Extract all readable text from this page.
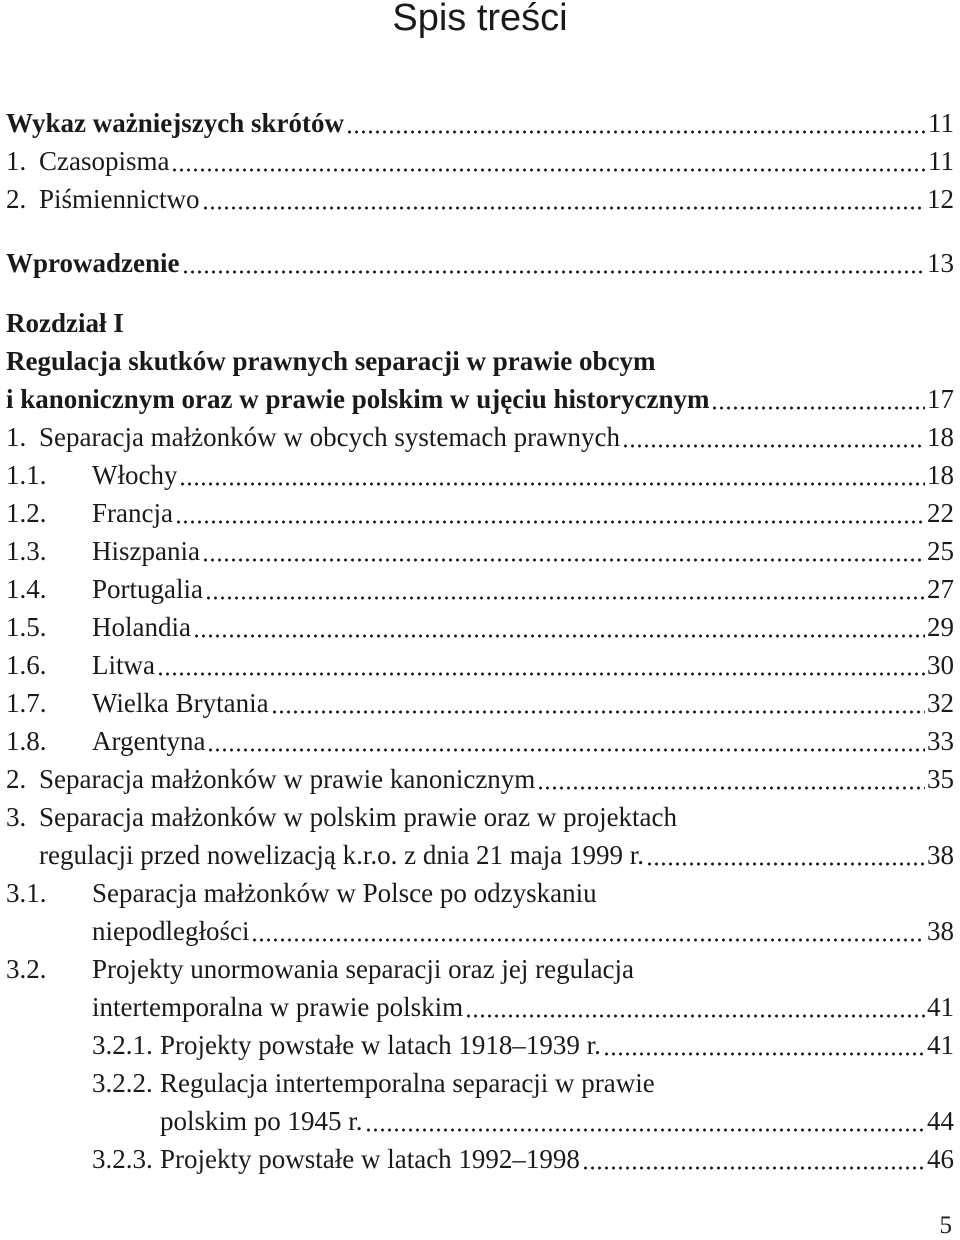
Spis treści
Wykaz ważniejszych skrótów	11
1. Czasopisma	11
2. Piśmiennictwo	12
Wprowadzenie	13
Rozdział I
Regulacja skutków prawnych separacji w prawie obcym
i kanonicznym oraz w prawie polskim w ujęciu historycznym	17
1. Separacja małżonków w obcych systemach prawnych	18
1.1.	Włochy	18
1.2.	Francja	22
1.3.	Hiszpania	25
1.4.	Portugalia	27
1.5.	Holandia	29
1.6.	Litwa	30
1.7.	Wielka Brytania	32
1.8.	Argentyna	33
2. Separacja małżonków w prawie kanonicznym	35
3. Separacja małżonków w polskim prawie oraz w projektach
regulacji przed nowelizacją k.r.o. z dnia 21 maja 1999 r.	38
3.1. Separacja małżonków w Polsce po odzyskaniu
niepodległości	38
3.2. Projekty unormowania separacji oraz jej regulacja
intertemporalna w prawie polskim	41
3.2.1. Projekty powstałe w latach 1918–1939 r.	41
3.2.2. Regulacja intertemporalna separacji w prawie
polskim po 1945 r.	44
3.2.3. Projekty powstałe w latach 1992–1998	46
5
